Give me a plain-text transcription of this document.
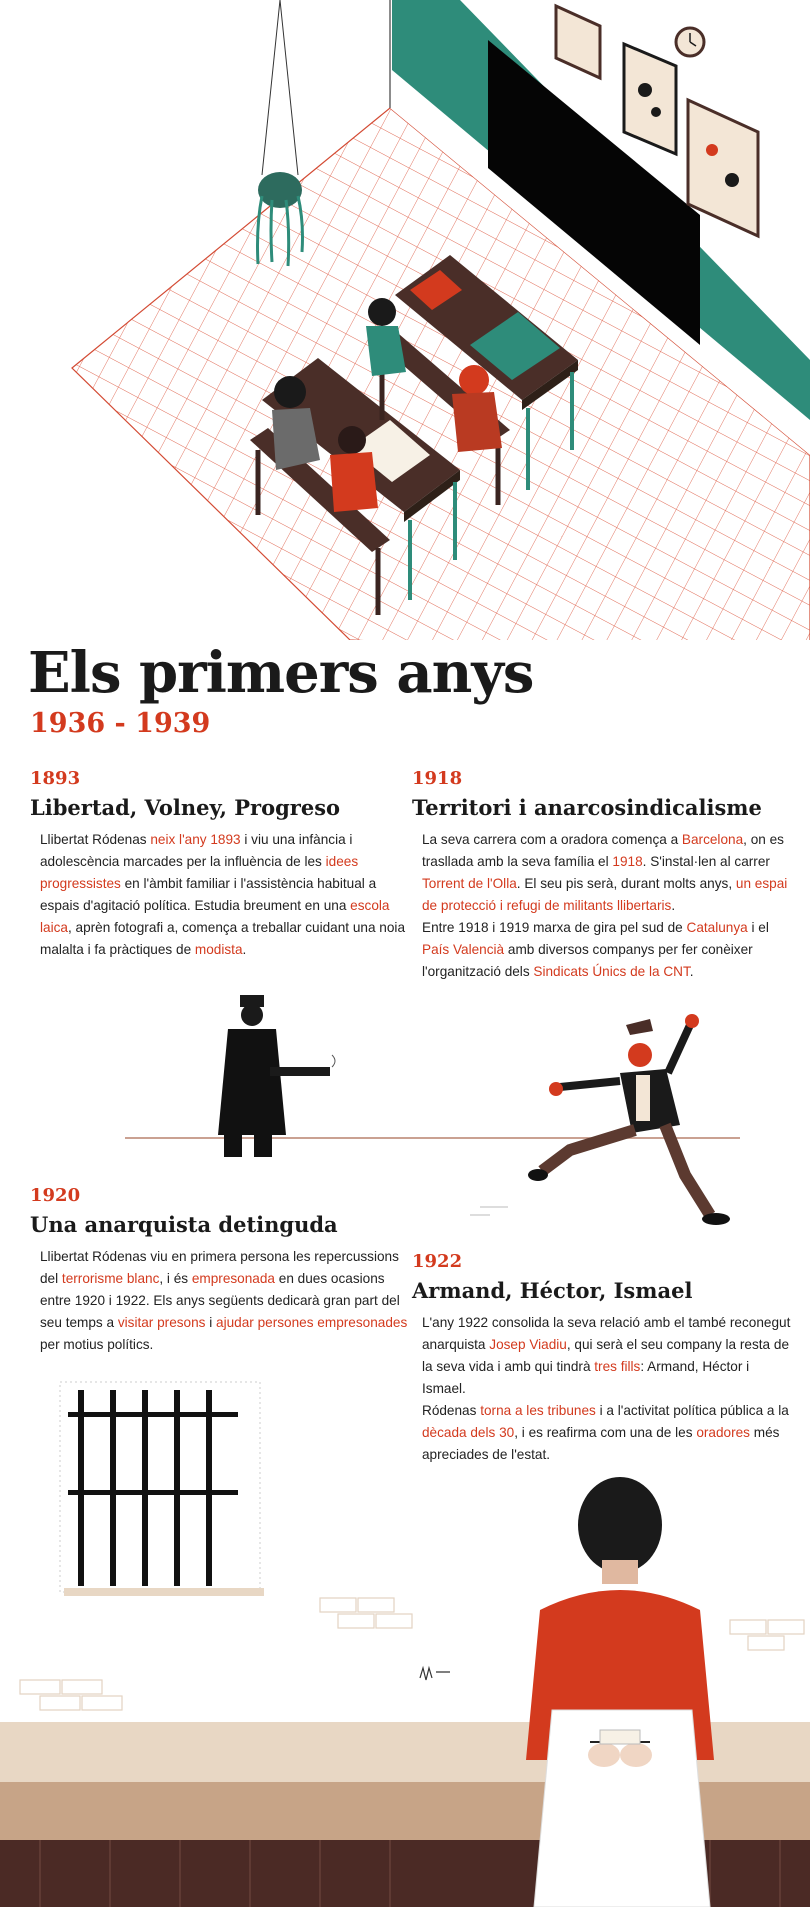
Els primers anys
1936 - 1939
1893
Libertad, Volney, Progreso
Llibertat Ródenas neix l'any 1893 i viu una infància i adolescència marcades per la influència de les idees progressistes en l'àmbit familiar i l'assistència habitual a espais d'agitació política. Estudia breument en una escola laica, aprèn fotografi a, comença a treballar cuidant una noia malalta i fa pràctiques de modista.
1918
Territori i anarcosindicalisme
La seva carrera com a oradora comença a Barcelona, on es trasllada amb la seva família el 1918. S'instal·len al carrer Torrent de l'Olla. El seu pis serà, durant molts anys, un espai de protecció i refugi de militants llibertaris.
Entre 1918 i 1919 marxa de gira pel sud de Catalunya i el País Valencià amb diversos companys per fer conèixer l'organització dels Sindicats Únics de la CNT.
1920
Una anarquista detinguda
Llibertat Ródenas viu en primera persona les repercussions del terrorisme blanc, i és empresonada en dues ocasions entre 1920 i 1922. Els anys següents dedicarà gran part del seu temps a visitar presons i ajudar persones empresonades per motius polítics.
1922
Armand, Héctor, Ismael
L'any 1922 consolida la seva relació amb el també reconegut anarquista Josep Viadiu, qui serà el seu company la resta de la seva vida i amb qui tindrà tres fills: Armand, Héctor i Ismael.
Ródenas torna a les tribunes i a l'activitat política pública a la dècada dels 30, i es reafirma com una de les oradores més apreciades de l'estat.
